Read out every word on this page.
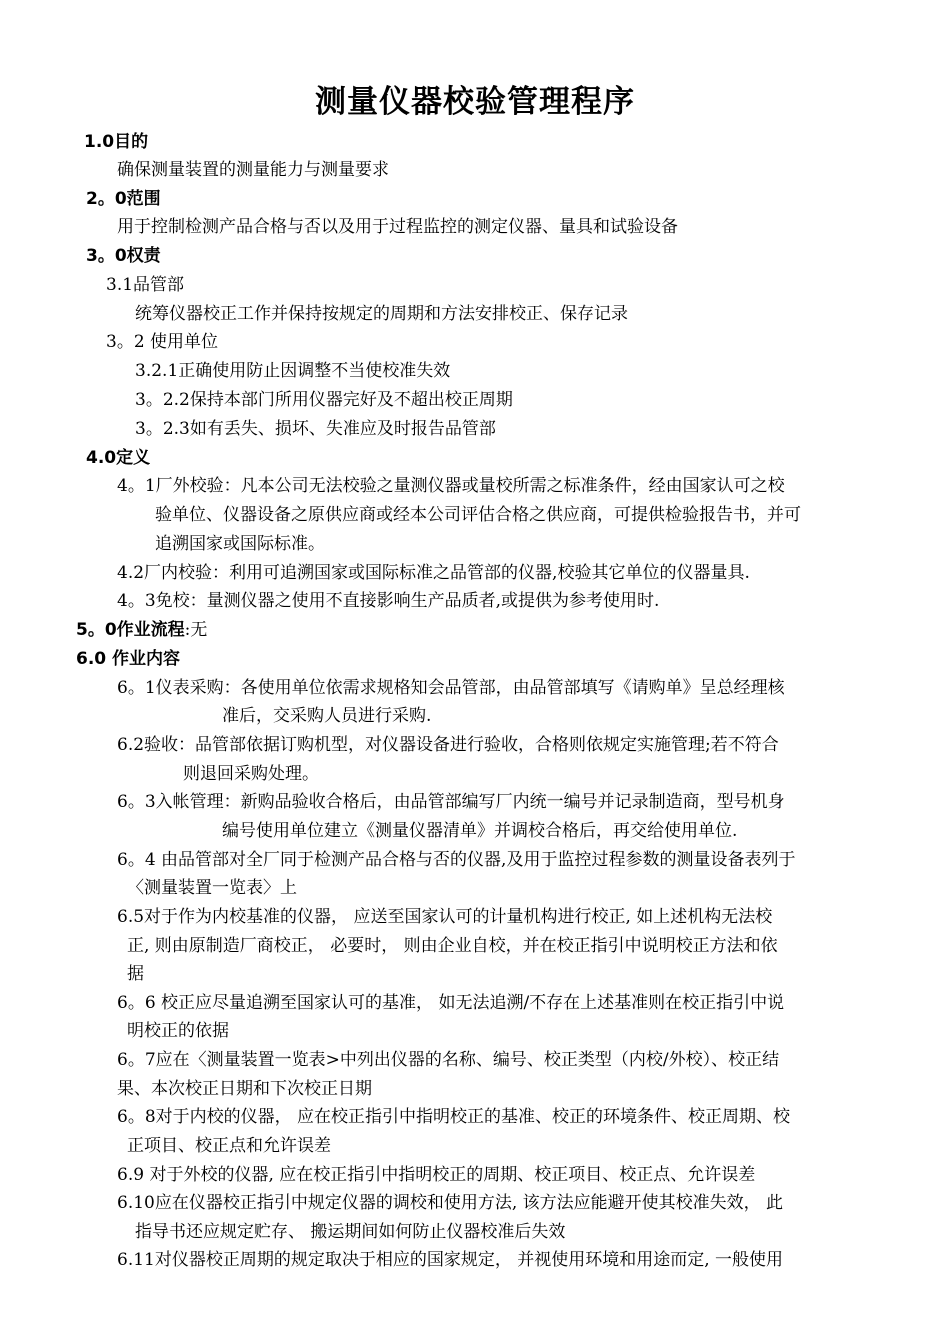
测量仪器校验管理程序
1.0目的
确保测量装置的测量能力与测量要求
2。0范围
用于控制检测产品合格与否以及用于过程监控的测定仪器、量具和试验设备
3。0权责
3.1品管部
统筹仪器校正工作并保持按规定的周期和方法安排校正、保存记录
3。2 使用单位
3.2.1正确使用防止因调整不当使校准失效
3。2.2保持本部门所用仪器完好及不超出校正周期
3。2.3如有丢失、损坏、失准应及时报告品管部
4.0定义
4。1厂外校验：凡本公司无法校验之量测仪器或量校所需之标准条件，经由国家认可之校
验单位、仪器设备之原供应商或经本公司评估合格之供应商，可提供检验报告书，并可
追溯国家或国际标准。
4.2厂内校验：利用可追溯国家或国际标准之品管部的仪器,校验其它单位的仪器量具.
4。3免校：量测仪器之使用不直接影响生产品质者,或提供为参考使用时.
5。0作业流程:无
6.0 作业内容
6。1仪表采购：各使用单位依需求规格知会品管部，由品管部填写《请购单》呈总经理核
准后，交采购人员进行采购.
6.2验收：品管部依据订购机型，对仪器设备进行验收，合格则依规定实施管理;若不符合
则退回采购处理。
6。3入帐管理：新购品验收合格后，由品管部编写厂内统一编号并记录制造商，型号机身
编号使用单位建立《测量仪器清单》并调校合格后，再交给使用单位.
6。4 由品管部对全厂同于检测产品合格与否的仪器,及用于监控过程参数的测量设备表列于
〈测量装置一览表〉上
6.5对于作为内校基准的仪器， 应送至国家认可的计量机构进行校正, 如上述机构无法校
正, 则由原制造厂商校正， 必要时， 则由企业自校，并在校正指引中说明校正方法和依
据
6。6 校正应尽量追溯至国家认可的基准， 如无法追溯/不存在上述基准则在校正指引中说
明校正的依据
6。7应在〈测量装置一览表>中列出仪器的名称、编号、校正类型（内校/外校）、校正结
果、本次校正日期和下次校正日期
6。8对于内校的仪器， 应在校正指引中指明校正的基准、校正的环境条件、校正周期、校
正项目、校正点和允许误差
6.9 对于外校的仪器, 应在校正指引中指明校正的周期、校正项目、校正点、允许误差
6.10应在仪器校正指引中规定仪器的调校和使用方法, 该方法应能避开使其校准失效， 此
指导书还应规定贮存、 搬运期间如何防止仪器校准后失效
6.11对仪器校正周期的规定取决于相应的国家规定， 并视使用环境和用途而定, 一般使用
